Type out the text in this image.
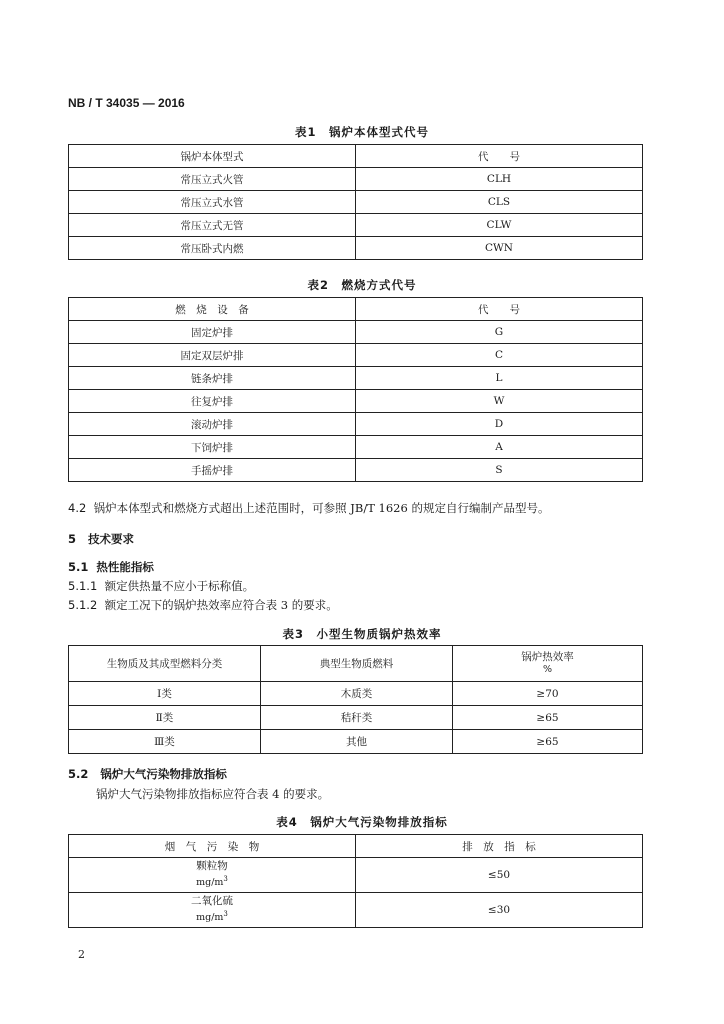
NB / T 34035 — 2016
表1　锅炉本体型式代号
锅炉本体型式	代　　号
常压立式火管	CLH
常压立式水管	CLS
常压立式无管	CLW
常压卧式内燃	CWN
表2　燃烧方式代号
燃　烧　设　备	代　　号
固定炉排	G
固定双层炉排	C
链条炉排	L
往复炉排	W
滚动炉排	D
下饲炉排	A
手摇炉排	S
4.2 锅炉本体型式和燃烧方式超出上述范围时，可参照 JB/T 1626 的规定自行编制产品型号。
5 技术要求
5.1 热性能指标
5.1.1 额定供热量不应小于标称值。
5.1.2 额定工况下的锅炉热效率应符合表 3 的要求。
表3　小型生物质锅炉热效率
生物质及其成型燃料分类	典型生物质燃料	锅炉热效率
%

Ⅰ类	木质类	≥70
Ⅱ类	秸秆类	≥65
Ⅲ类	其他	≥65
5.2 锅炉大气污染物排放指标
锅炉大气污染物排放指标应符合表 4 的要求。
表4　锅炉大气污染物排放指标
烟　气　污　染　物	排　放　指　标

颗粒物
$mg/m^3$	≤50

二氧化硫
$mg/m^3$	≤30
2
